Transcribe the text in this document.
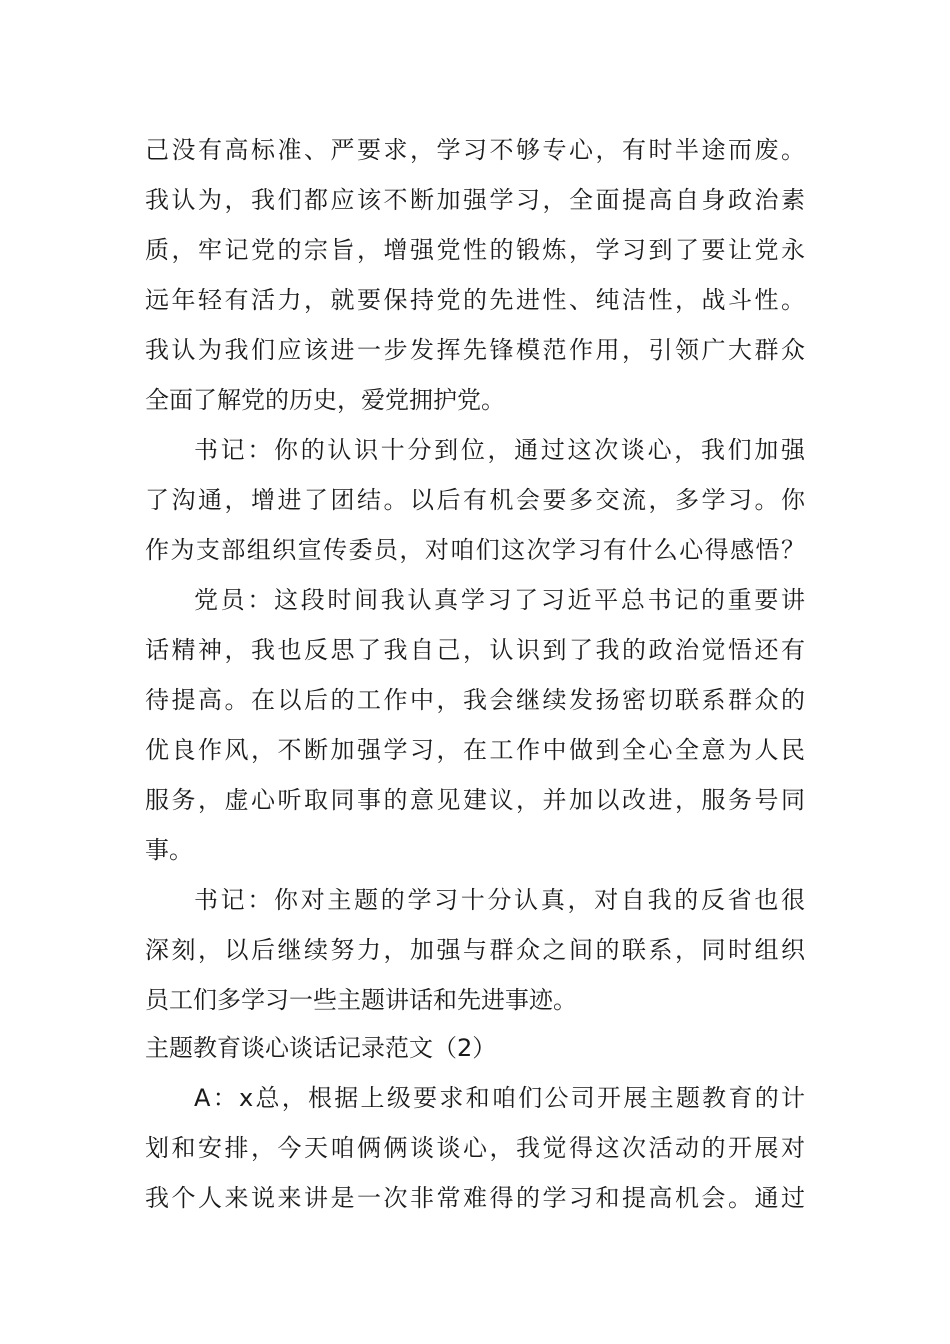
己没有高标准、严要求，学习不够专心，有时半途而废。
我认为，我们都应该不断加强学习，全面提高自身政治素
质，牢记党的宗旨，增强党性的锻炼，学习到了要让党永
远年轻有活力，就要保持党的先进性、纯洁性，战斗性。
我认为我们应该进一步发挥先锋模范作用，引领广大群众
全面了解党的历史，爱党拥护党。
书记：你的认识十分到位，通过这次谈心，我们加强
了沟通，增进了团结。以后有机会要多交流，多学习。你
作为支部组织宣传委员，对咱们这次学习有什么心得感悟？
党员：这段时间我认真学习了习近平总书记的重要讲
话精神，我也反思了我自己，认识到了我的政治觉悟还有
待提高。在以后的工作中，我会继续发扬密切联系群众的
优良作风，不断加强学习，在工作中做到全心全意为人民
服务，虚心听取同事的意见建议，并加以改进，服务号同
事。
书记：你对主题的学习十分认真，对自我的反省也很
深刻，以后继续努力，加强与群众之间的联系，同时组织
员工们多学习一些主题讲话和先进事迹。
主题教育谈心谈话记录范文（2）
A：x总，根据上级要求和咱们公司开展主题教育的计
划和安排，今天咱俩俩谈谈心，我觉得这次活动的开展对
我个人来说来讲是一次非常难得的学习和提高机会。通过
